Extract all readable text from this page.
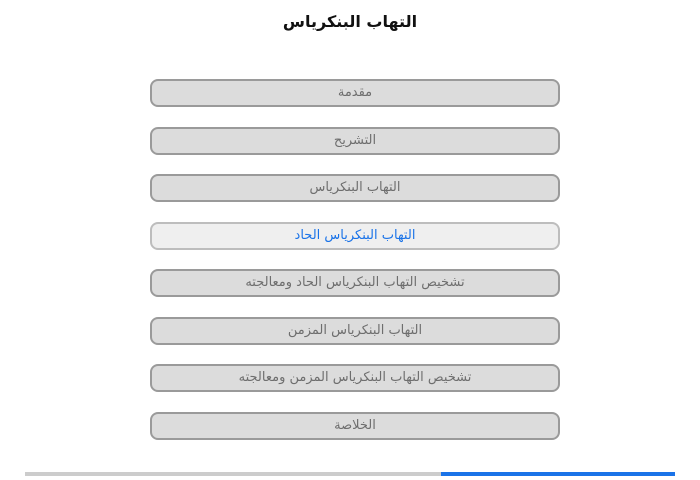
التهاب البنكرياس
مقدمة
التشريح
التهاب البنكرياس
التهاب البنكرياس الحاد
تشخيص التهاب البنكرياس الحاد ومعالجته
التهاب البنكرياس المزمن
تشخيص التهاب البنكرياس المزمن ومعالجته
الخلاصة
